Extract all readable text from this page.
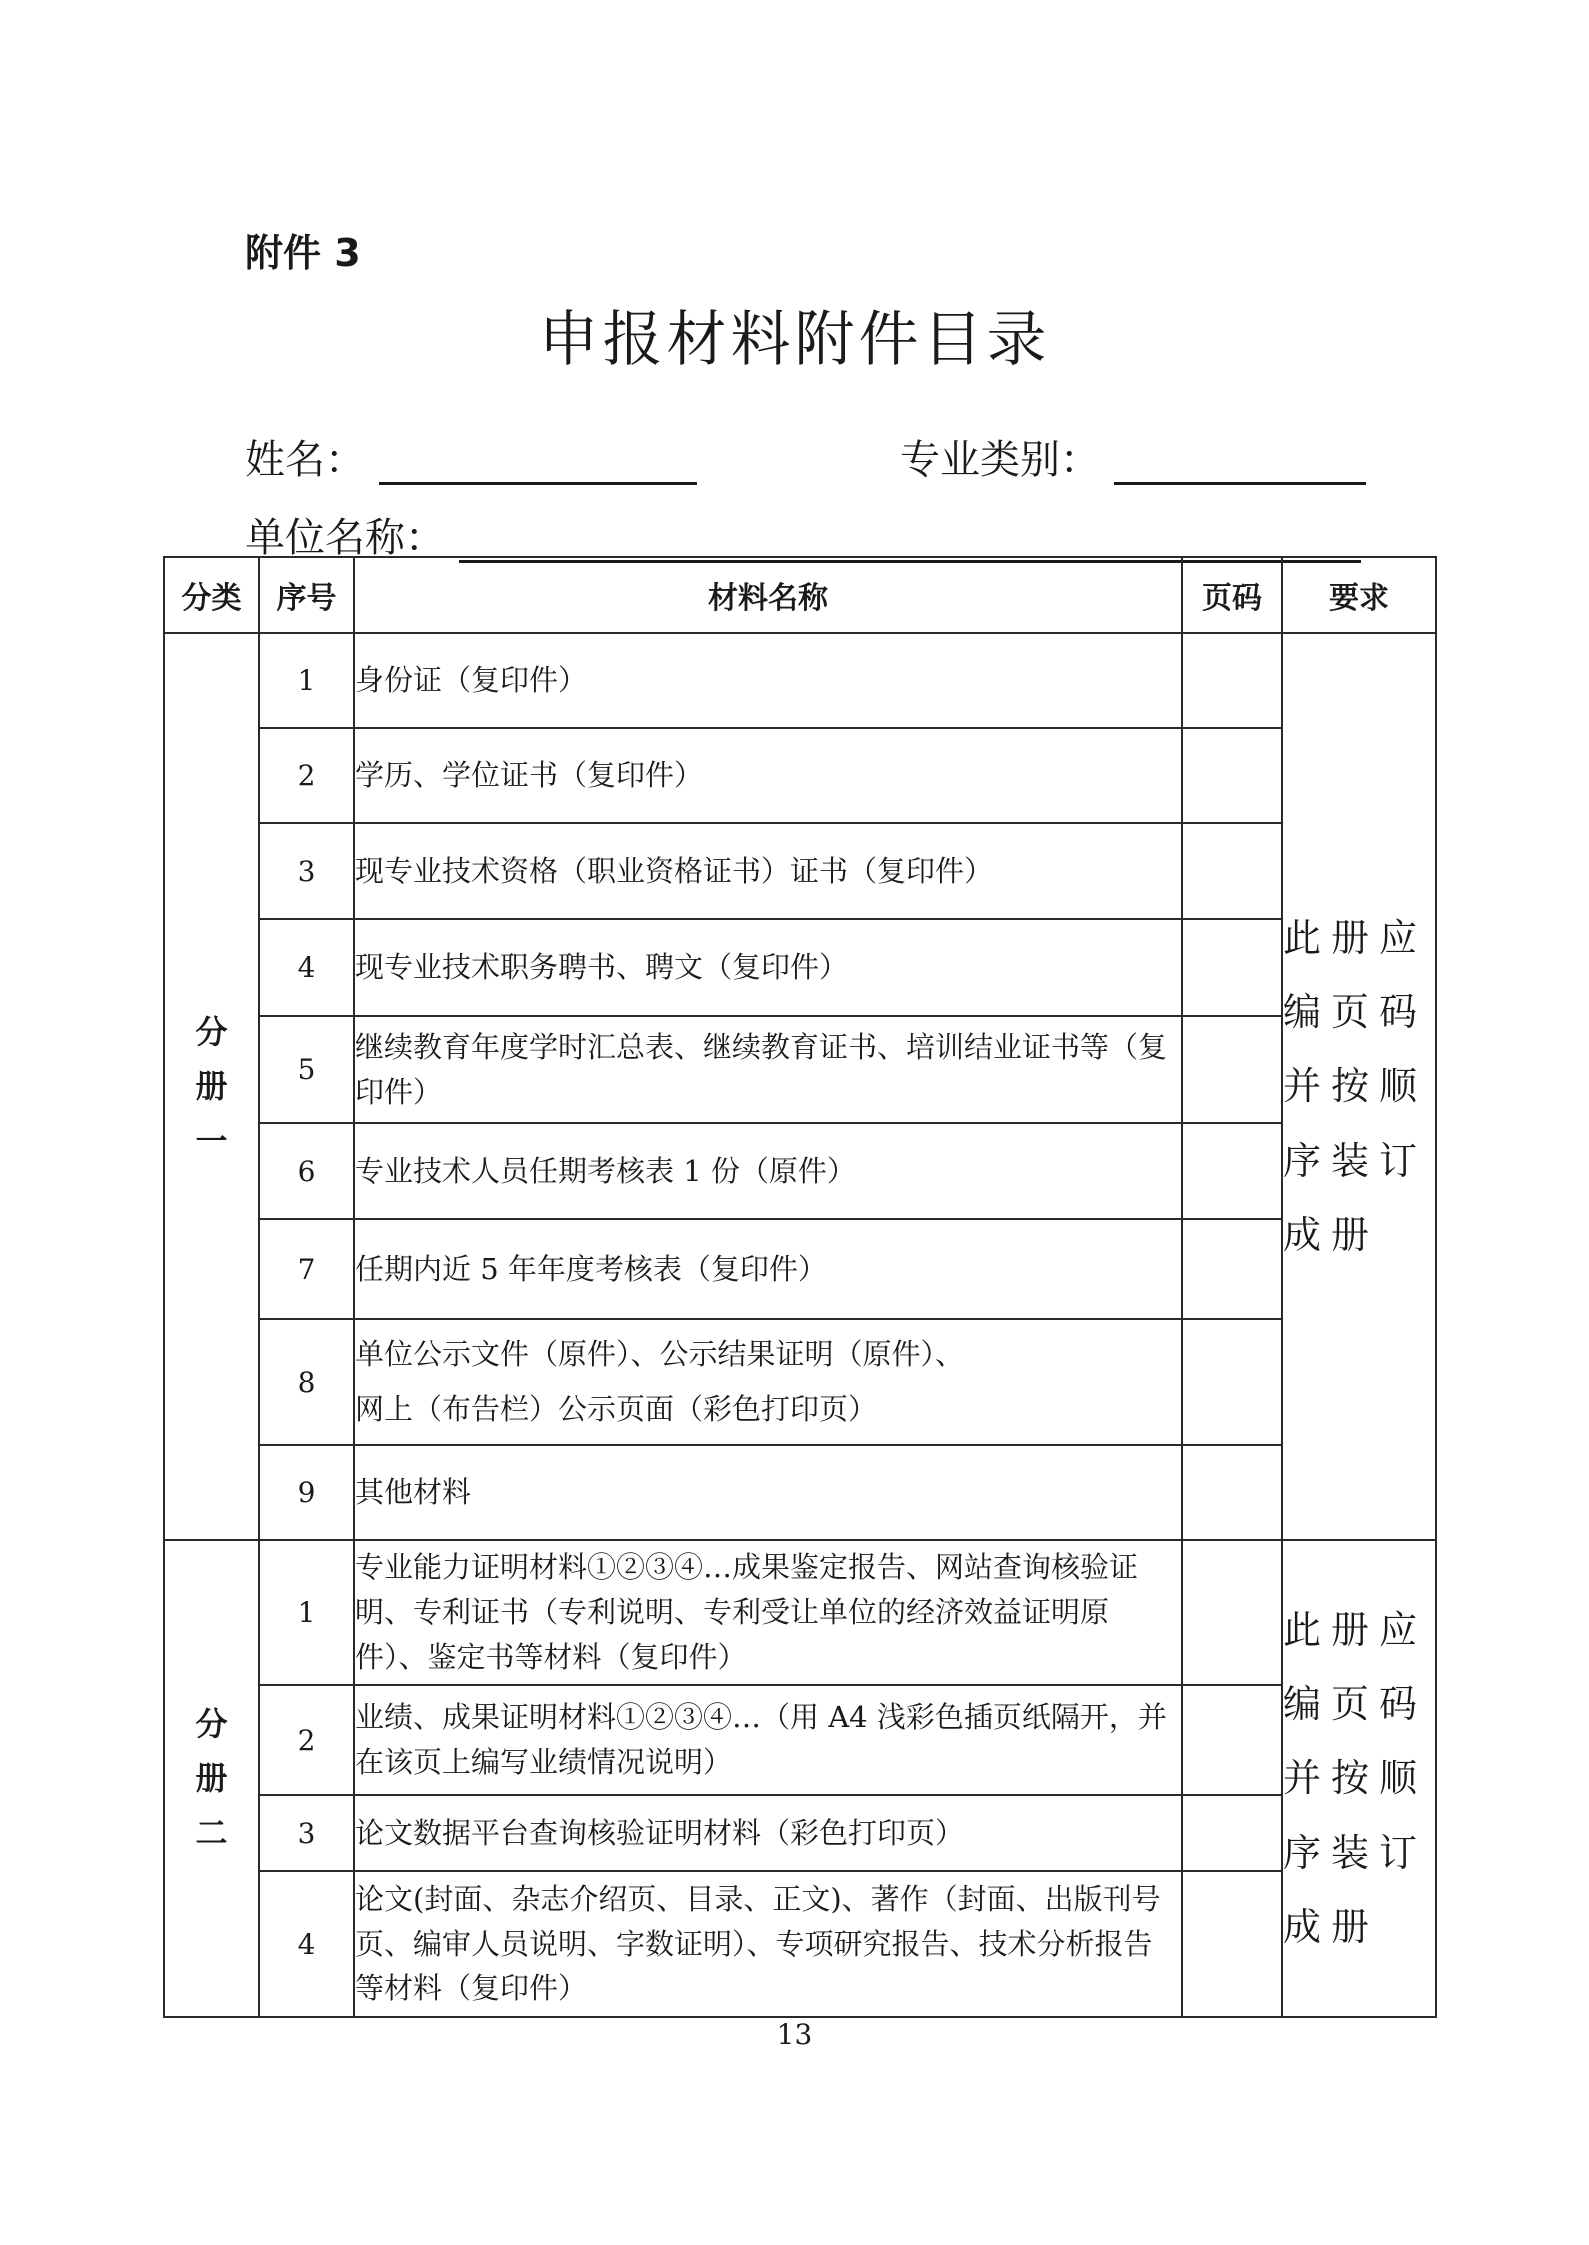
附件 3
申报材料附件目录
姓名：	专业类别：
单位名称：
分类	序号	材料名称	页码	要求

分
册
一	1	身份证（复印件）		此册应编页码并按顺序装订成册
	2	学历、学位证书（复印件）		
	3	现专业技术资格（职业资格证书）证书（复印件）		
	4	现专业技术职务聘书、聘文（复印件）		
	5	继续教育年度学时汇总表、继续教育证书、培训结业证书等（复印件）		
	6	专业技术人员任期考核表 1 份（原件）		
	7	任期内近 5 年年度考核表（复印件）		
	8	单位公示文件（原件）、公示结果证明（原件）、
网上（布告栏）公示页面（彩色打印页）		

	9	其他材料		

分
册
二	1	专业能力证明材料①②③④…成果鉴定报告、网站查询核验证明、专利证书（专利说明、专利受让单位的经济效益证明原件）、鉴定书等材料（复印件）		此册应编页码并按顺序装订成册
	2	业绩、成果证明材料①②③④…（用 A4 浅彩色插页纸隔开，并在该页上编写业绩情况说明）		
	3	论文数据平台查询核验证明材料（彩色打印页）		
	4	论文(封面、杂志介绍页、目录、正文)、著作（封面、出版刊号页、编审人员说明、字数证明）、专项研究报告、技术分析报告等材料（复印件）		
13
